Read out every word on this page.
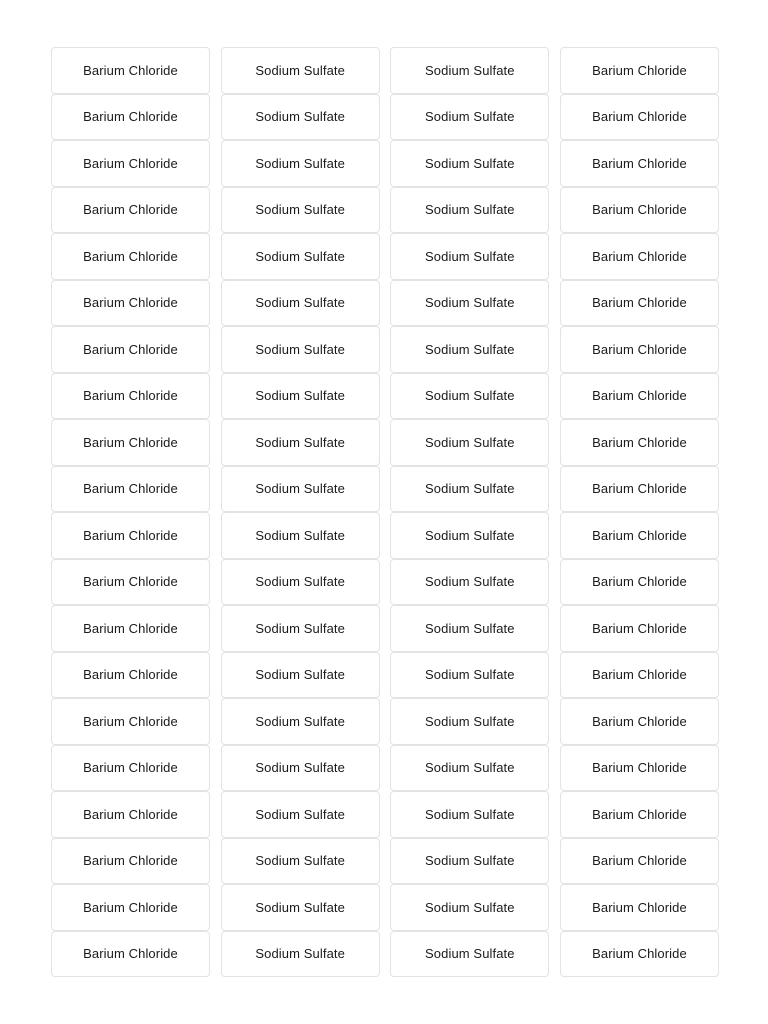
Barium Chloride	Sodium Sulfate	Sodium Sulfate	Barium Chloride
Barium Chloride	Sodium Sulfate	Sodium Sulfate	Barium Chloride
Barium Chloride	Sodium Sulfate	Sodium Sulfate	Barium Chloride
Barium Chloride	Sodium Sulfate	Sodium Sulfate	Barium Chloride
Barium Chloride	Sodium Sulfate	Sodium Sulfate	Barium Chloride
Barium Chloride	Sodium Sulfate	Sodium Sulfate	Barium Chloride
Barium Chloride	Sodium Sulfate	Sodium Sulfate	Barium Chloride
Barium Chloride	Sodium Sulfate	Sodium Sulfate	Barium Chloride
Barium Chloride	Sodium Sulfate	Sodium Sulfate	Barium Chloride
Barium Chloride	Sodium Sulfate	Sodium Sulfate	Barium Chloride
Barium Chloride	Sodium Sulfate	Sodium Sulfate	Barium Chloride
Barium Chloride	Sodium Sulfate	Sodium Sulfate	Barium Chloride
Barium Chloride	Sodium Sulfate	Sodium Sulfate	Barium Chloride
Barium Chloride	Sodium Sulfate	Sodium Sulfate	Barium Chloride
Barium Chloride	Sodium Sulfate	Sodium Sulfate	Barium Chloride
Barium Chloride	Sodium Sulfate	Sodium Sulfate	Barium Chloride
Barium Chloride	Sodium Sulfate	Sodium Sulfate	Barium Chloride
Barium Chloride	Sodium Sulfate	Sodium Sulfate	Barium Chloride
Barium Chloride	Sodium Sulfate	Sodium Sulfate	Barium Chloride
Barium Chloride	Sodium Sulfate	Sodium Sulfate	Barium Chloride
